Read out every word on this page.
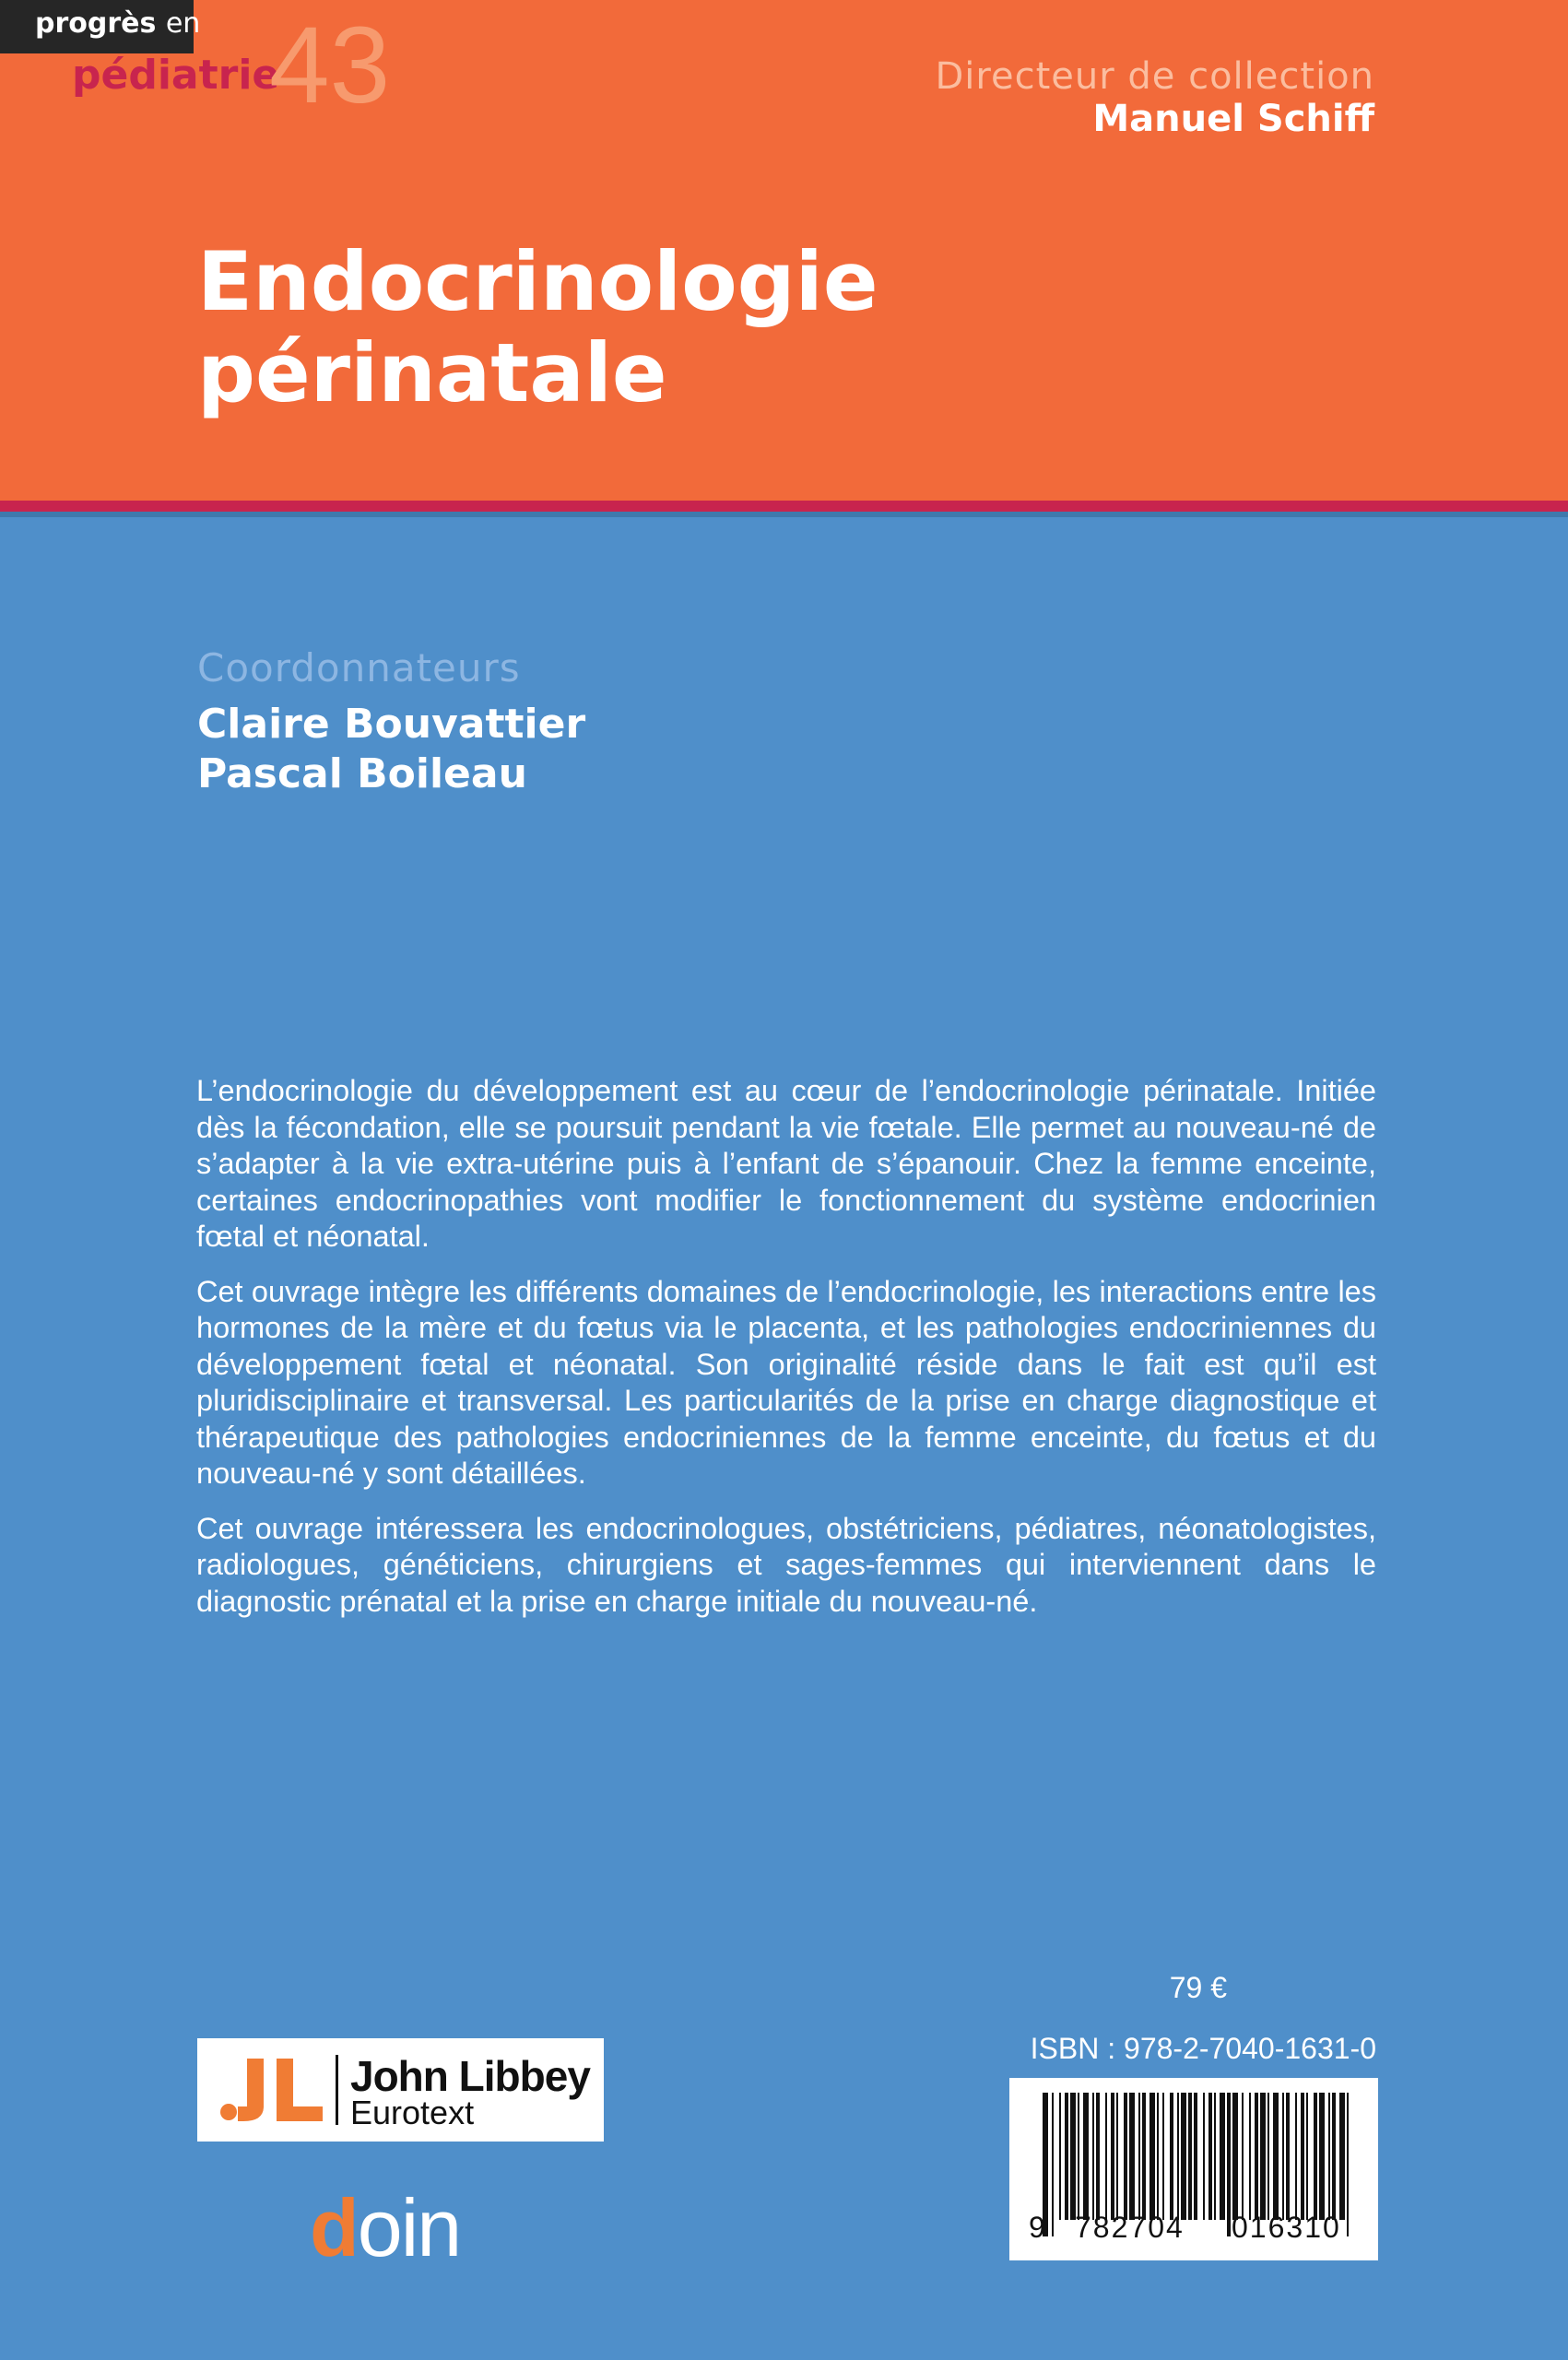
progrès en
pédiatrie
43	Directeur de collection
Manuel Schiff
Endocrinologie
périnatale
Coordonnateurs
Claire Bouvattier
Pascal Boileau

L’endocrinologie du développement est au cœur de l’endocrinologie périnatale. Initiée dès la fécondation, elle se poursuit pendant la vie fœtale. Elle permet au nouveau-né de s’adapter à la vie extra-utérine puis à l’enfant de s’épanouir. Chez la femme enceinte, certaines endocrinopathies vont modifier le fonctionnement du système endocrinien fœtal et néonatal.

Cet ouvrage intègre les différents domaines de l’endocrinologie, les interactions entre les hormones de la mère et du fœtus via le placenta, et les pathologies endocriniennes du développement fœtal et néonatal. Son originalité réside dans le fait est qu’il est pluridisciplinaire et transversal. Les particularités de la prise en charge diagnostique et thérapeutique des pathologies endocriniennes de la femme enceinte, du fœtus et du nouveau-né y sont détaillées.

Cet ouvrage intéressera les endocrinologues, obstétriciens, pédiatres, néonatologistes, radiologues, généticiens, chirurgiens et sages-femmes qui interviennent dans le diagnostic prénatal et la prise en charge initiale du nouveau-né.

79 €
ISBN : 978-2-7040-1631-0
9 782704 016310
John Libbey
Eurotext
doin
